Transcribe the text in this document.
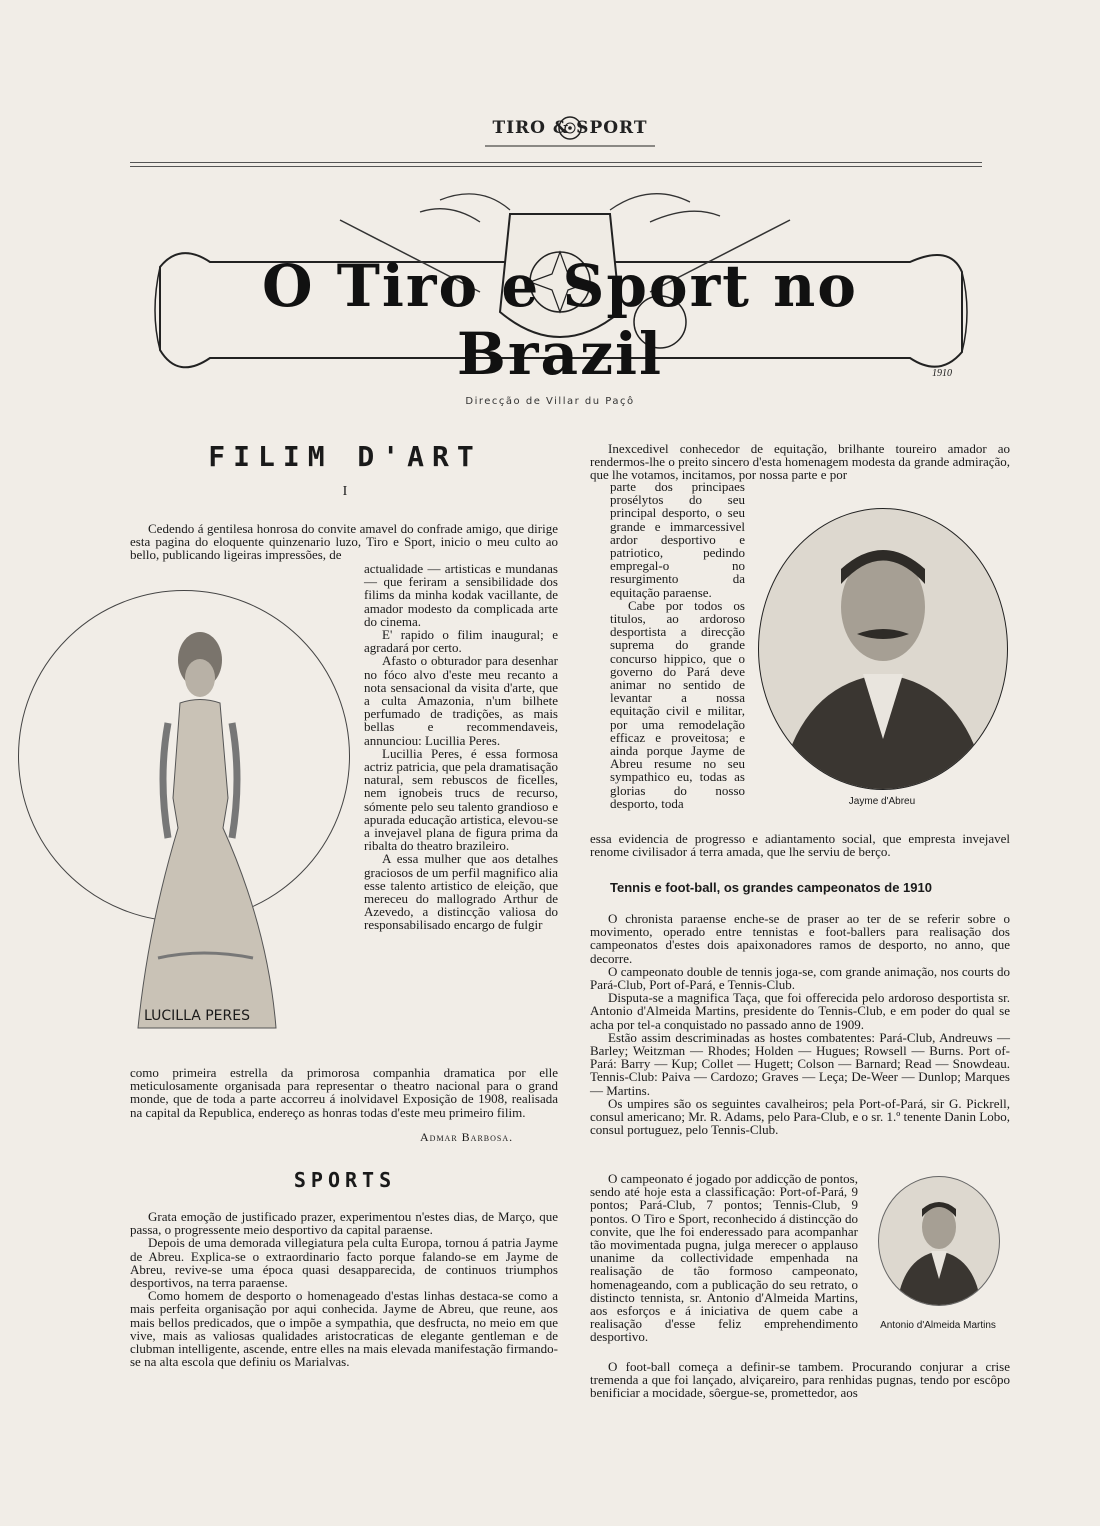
TIRO & SPORT
O Tiro e Sport no Brazil	1910
Direcção de Villar du Paçô
FILIM D'ART
I

Cedendo á gentilesa honrosa do convite amavel do confrade amigo, que dirige esta pagina do eloquente quinzenario luzo, Tiro e Sport, inicio o meu culto ao bello, publicando ligeiras impressões, de

LUCILLA PERES

actualidade — artisticas e mundanas — que feriram a sensibilidade dos filims da minha kodak vacillante, de amador modesto da complicada arte do cinema.

E' rapido o filim inaugural; e agradará por certo.

Afasto o obturador para desenhar no fóco alvo d'este meu recanto a nota sensacional da visita d'arte, que a culta Amazonia, n'um bilhete perfumado de tradições, as mais bellas e recommendaveis, annunciou: Lucillia Peres.

Lucillia Peres, é essa formosa actriz patricia, que pela dramatisação natural, sem rebuscos de ficelles, nem ignobeis trucs de recurso, sómente pelo seu talento grandioso e apurada educação artistica, elevou-se a invejavel plana de figura prima da ribalta do theatro brazileiro.

A essa mulher que aos detalhes graciosos de um perfil magnifico alia esse talento artistico de eleição, que mereceu do mallogrado Arthur de Azevedo, a distincção valiosa do responsabilisado encargo de fulgir

como primeira estrella da primorosa companhia dramatica por elle meticulosamente organisada para representar o theatro nacional para o grand monde, que de toda a parte accorreu á inolvidavel Exposição de 1908, realisada na capital da Republica, endereço as honras todas d'este meu primeiro filim.

Admar Barbosa.
SPORTS

Grata emoção de justificado prazer, experimentou n'estes dias, de Março, que passa, o progressente meio desportivo da capital paraense.

Depois de uma demorada villegiatura pela culta Europa, tornou á patria Jayme de Abreu. Explica-se o extraordinario facto porque falando-se em Jayme de Abreu, revive-se uma época quasi desapparecida, de continuos triumphos desportivos, na terra paraense.

Como homem de desporto o homenageado d'estas linhas destaca-se como a mais perfeita organisação por aqui conhecida. Jayme de Abreu, que reune, aos mais bellos predicados, que o impõe a sympathia, que desfructa, no meio em que vive, mais as valiosas qualidades aristocraticas de elegante gentleman e de clubman intelligente, ascende, entre elles na mais elevada manifestação firmando-se na alta escola que definiu os Marialvas.

Inexcedivel conhecedor de equitação, brilhante toureiro amador ao rendermos-lhe o preito sincero d'esta homenagem modesta da grande admiração, que lhe votamos, incitamos, por nossa parte e por

parte dos principaes prosélytos do seu principal desporto, o seu grande e immarcessivel ardor desportivo e patriotico, pedindo empregal-o no resurgimento da equitação paraense.

Cabe por todos os titulos, ao ardoroso desportista a direcção suprema do grande concurso hippico, que o governo do Pará deve animar no sentido de levantar a nossa equitação civil e militar, por uma remodelação efficaz e proveitosa; e ainda porque Jayme de Abreu resume no seu sympathico eu, todas as glorias do nosso desporto, toda	Jayme d'Abreu

essa evidencia de progresso e adiantamento social, que empresta invejavel renome civilisador á terra amada, que lhe serviu de berço.

Tennis e foot-ball, os grandes campeonatos de 1910

O chronista paraense enche-se de praser ao ter de se referir sobre o movimento, operado entre tennistas e foot-ballers para realisação dos campeonatos d'estes dois apaixonadores ramos de desporto, no anno, que decorre.

O campeonato double de tennis joga-se, com grande animação, nos courts do Pará-Club, Port of-Pará, e Tennis-Club.

Disputa-se a magnifica Taça, que foi offerecida pelo ardoroso desportista sr. Antonio d'Almeida Martins, presidente do Tennis-Club, e em poder do qual se acha por tel-a conquistado no passado anno de 1909.

Estão assim descriminadas as hostes combatentes: Pará-Club, Andreuws — Barley; Weitzman — Rhodes; Holden — Hugues; Rowsell — Burns. Port of-Pará: Barry — Kup; Collet — Hugett; Colson — Barnard; Read — Snowdeau. Tennis-Club: Paiva — Cardozo; Graves — Leça; De-Weer — Dunlop; Marques — Martins.

Os umpires são os seguintes cavalheiros; pela Port-of-Pará, sir G. Pickrell, consul americano; Mr. R. Adams, pelo Para-Club, e o sr. 1.º tenente Danin Lobo, consul portuguez, pelo Tennis-Club.

O campeonato é jogado por addicção de pontos, sendo até hoje esta a classificação: Port-of-Pará, 9 pontos; Pará-Club, 7 pontos; Tennis-Club, 9 pontos. O Tiro e Sport, reconhecido á distincção do convite, que lhe foi enderessado para acompanhar tão movimentada pugna, julga merecer o applauso unanime da collectividade empenhada na realisação de tão formoso campeonato, homenageando, com a publicação do seu retrato, o distincto tennista, sr. Antonio d'Almeida Martins, aos esforços e á iniciativa de quem cabe a realisação d'esse feliz emprehendimento desportivo.

Antonio d'Almeida Martins

O foot-ball começa a definir-se tambem. Procurando conjurar a crise tremenda a que foi lançado, alviçareiro, para renhidas pugnas, tendo por escôpo benificiar a mocidade, sôergue-se, promettedor, aos
